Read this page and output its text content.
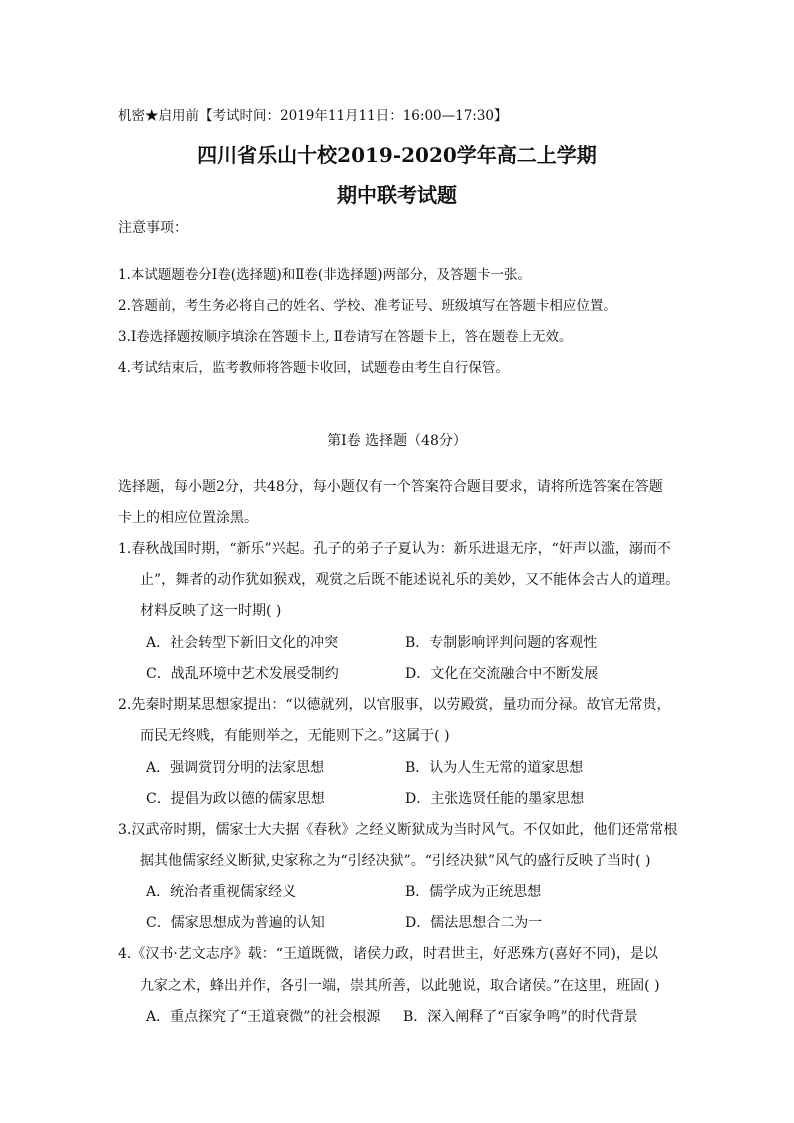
机密★启用前【考试时间：2019年11月11日：16:00—17:30】
四川省乐山十校2019-2020学年高二上学期
期中联考试题
注意事项：
1.本试题题卷分Ⅰ卷(选择题)和Ⅱ卷(非选择题)两部分，及答题卡一张。
2.答题前，考生务必将自己的姓名、学校、准考证号、班级填写在答题卡相应位置。
3.Ⅰ卷选择题按顺序填涂在答题卡上, Ⅱ卷请写在答题卡上，答在题卷上无效。
4.考试结束后，监考教师将答题卡收回，试题卷由考生自行保管。
第Ⅰ卷 选择题（48分）
选择题，每小题2分，共48分，每小题仅有一个答案符合题目要求，请将所选答案在答题
卡上的相应位置涂黑。
1.春秋战国时期，“新乐”兴起。孔子的弟子子夏认为：新乐进退无序，“奸声以滥，溺而不
止”，舞者的动作犹如猴戏，观赏之后既不能述说礼乐的美妙，又不能体会古人的道理。
材料反映了这一时期( )
A．社会转型下新旧文化的冲突	B．专制影响评判问题的客观性
C．战乱环境中艺术发展受制约	D．文化在交流融合中不断发展
2.先秦时期某思想家提出：“以德就列，以官服事，以劳殿赏，量功而分禄。故官无常贵，
而民无终贱，有能则举之，无能则下之。”这属于( )
A．强调赏罚分明的法家思想	B．认为人生无常的道家思想
C．提倡为政以德的儒家思想	D．主张选贤任能的墨家思想
3.汉武帝时期，儒家士大夫据《春秋》之经义断狱成为当时风气。不仅如此，他们还常常根
据其他儒家经义断狱,史家称之为“引经决狱”。“引经决狱”风气的盛行反映了当时( )
A．统治者重视儒家经义	B．儒学成为正统思想
C．儒家思想成为普遍的认知	D．儒法思想合二为一
4.《汉书·艺文志序》载：“王道既微，诸侯力政，时君世主，好恶殊方(喜好不同)，是以
九家之术，蜂出并作，各引一端，崇其所善，以此驰说，取合诸侯。”在这里，班固( )
A．重点探究了“王道衰微”的社会根源 B．深入阐释了“百家争鸣”的时代背景
